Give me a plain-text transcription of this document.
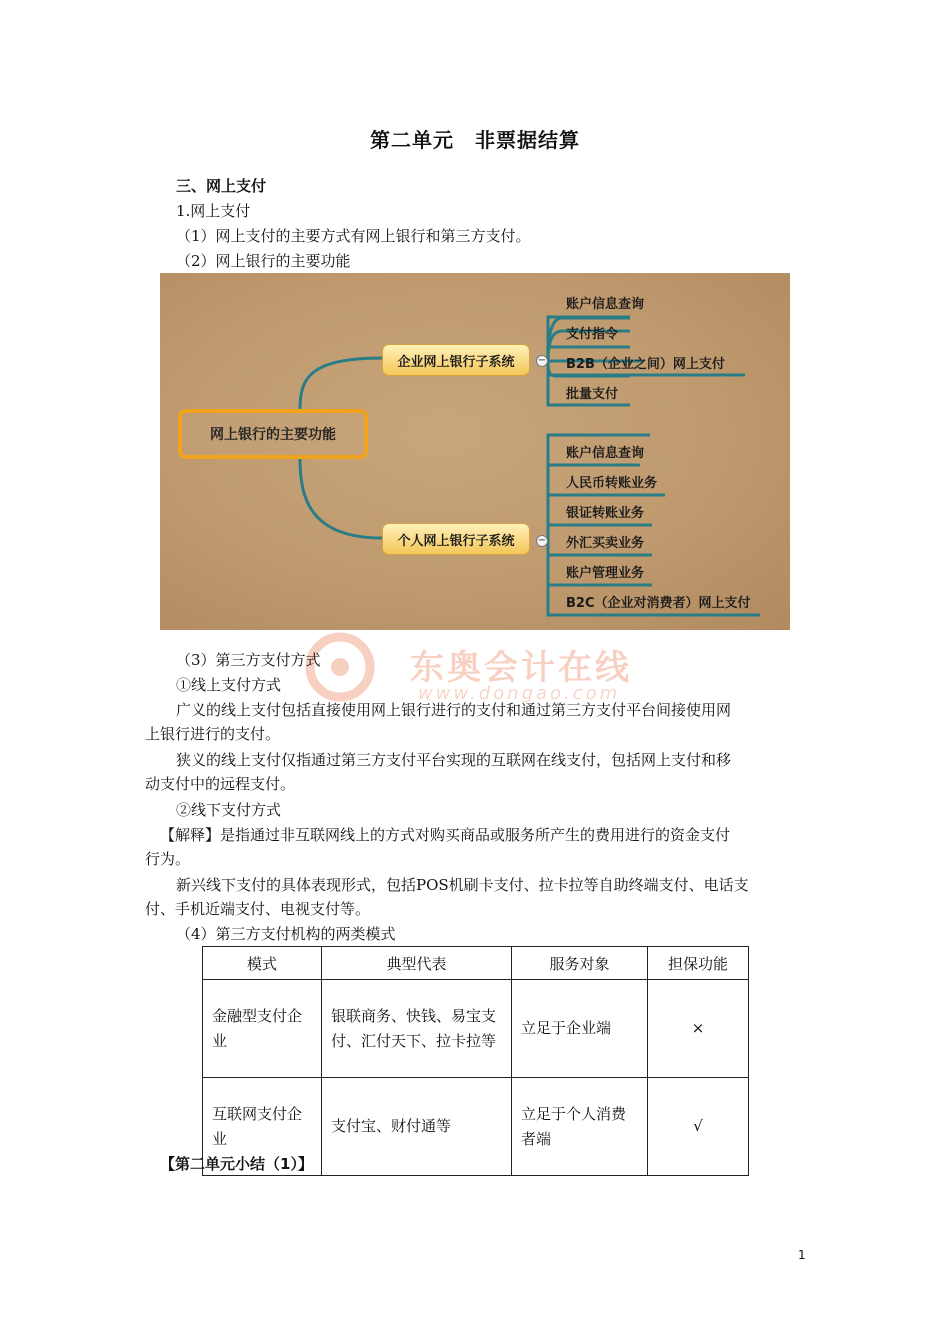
第二单元　非票据结算
三、网上支付
1.网上支付
（1）网上支付的主要方式有网上银行和第三方支付。
（2）网上银行的主要功能
网上银行的主要功能
企业网上银行子系统	−
账户信息查询
支付指令
B2B（企业之间）网上支付
批量支付
个人网上银行子系统	−
账户信息查询
人民币转账业务
银证转账业务
外汇买卖业务
账户管理业务
B2C（企业对消费者）网上支付
东奥会计在线
www.dongao.com
（3）第三方支付方式
①线上支付方式
广义的线上支付包括直接使用网上银行进行的支付和通过第三方支付平台间接使用网
上银行进行的支付。
狭义的线上支付仅指通过第三方支付平台实现的互联网在线支付，包括网上支付和移
动支付中的远程支付。
②线下支付方式
【解释】是指通过非互联网线上的方式对购买商品或服务所产生的费用进行的资金支付
行为。
新兴线下支付的具体表现形式，包括POS机刷卡支付、拉卡拉等自助终端支付、电话支
付、手机近端支付、电视支付等。
（4）第三方支付机构的两类模式
模式	典型代表	服务对象	担保功能
金融型支付企业	银联商务、快钱、易宝支付、汇付天下、拉卡拉等	立足于企业端	×
互联网支付企业	支付宝、财付通等	立足于个人消费者端	√
【第二单元小结（1）】
1
